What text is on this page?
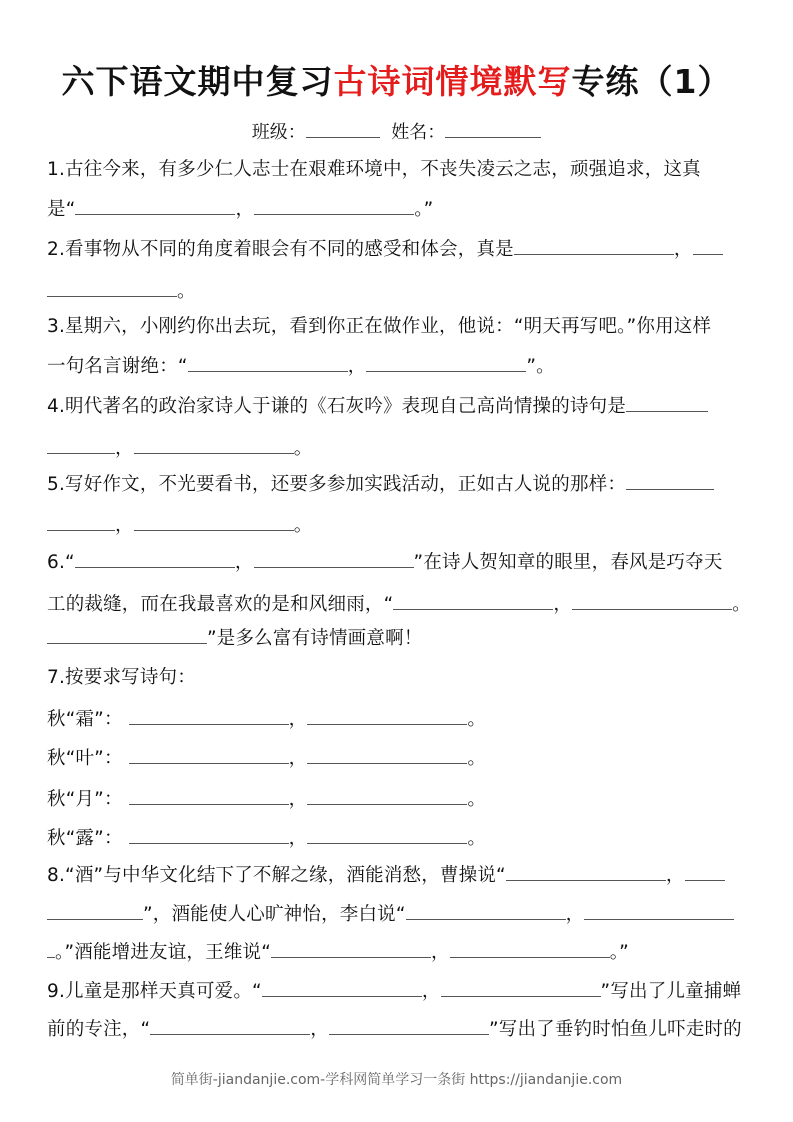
六下语文期中复习古诗词情境默写专练（1）
班级：	姓名：
1.古往今来，有多少仁人志士在艰难环境中，不丧失凌云之志，顽强追求，这真
是“	，	。”
2.看事物从不同的角度着眼会有不同的感受和体会，真是	，
。
3.星期六，小刚约你出去玩，看到你正在做作业，他说：“明天再写吧。”你用这样
一句名言谢绝：“	，	”。
4.明代著名的政治家诗人于谦的《石灰吟》表现自己高尚情操的诗句是
，	。
5.写好作文，不光要看书，还要多参加实践活动，正如古人说的那样：
，	。
6.“	，	”在诗人贺知章的眼里，春风是巧夺天
工的裁缝，而在我最喜欢的是和风细雨，“	，	。
”是多么富有诗情画意啊！
7.按要求写诗句：
秋“霜”：	，	。
秋“叶”：	，	。
秋“月”：	，	。
秋“露”：	，	。
8.“酒”与中华文化结下了不解之缘，酒能消愁，曹操说“	，
”，酒能使人心旷神怡，李白说“	，
。”酒能增进友谊，王维说“	，	。”
9.儿童是那样天真可爱。“	，	”写出了儿童捕蝉
前的专注，“	，	”写出了垂钓时怕鱼儿吓走时的
简单街-jiandanjie.com-学科网简单学习一条街 https://jiandanjie.com
